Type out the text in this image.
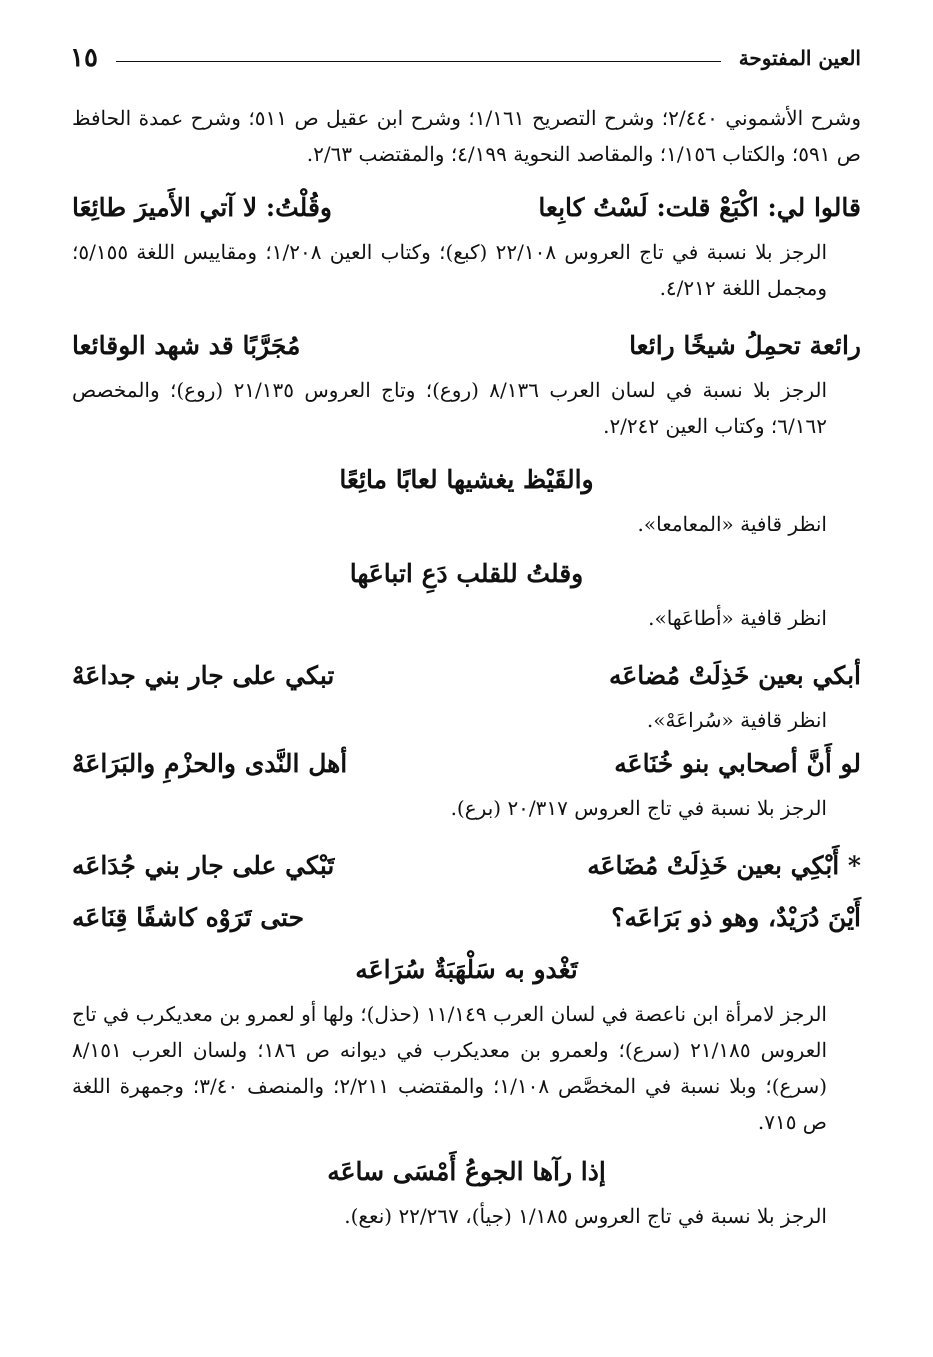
العين المفتوحة
١٥

وشرح الأشموني ٢/٤٤٠؛ وشرح التصريح ١/١٦١؛ وشرح ابن عقيل ص ٥١١؛ وشرح عمدة الحافظ ص ٥٩١؛ والكتاب ١/١٥٦؛ والمقاصد النحوية ٤/١٩٩؛ والمقتضب ٢/٦٣.

قالوا لي: اكْبَعْ قلت: لَسْتُ كابِعا
وقُلْتُ: لا آتي الأَميرَ طائِعَا

الرجز بلا نسبة في تاج العروس ٢٢/١٠٨ (كبع)؛ وكتاب العين ١/٢٠٨؛ ومقاييس اللغة ٥/١٥٥؛ ومجمل اللغة ٤/٢١٢.

رائعة تحمِلُ شيخًا رائعا
مُجَرَّبًا قد شهد الوقائعا

الرجز بلا نسبة في لسان العرب ٨/١٣٦ (روع)؛ وتاج العروس ٢١/١٣٥ (روع)؛ والمخصص ٦/١٦٢؛ وكتاب العين ٢/٢٤٢.

والقَيْظ يغشيها لعابًا مائِعًا

انظر قافية «المعامعا».

وقلتُ للقلب دَعِ اتباعَها

انظر قافية «أطاعَها».

أبكي بعين خَذِلَتْ مُضاعَه
تبكي على جار بني جداعَهْ

انظر قافية «سُراعَهْ».

لو أَنَّ أصحابي بنو خُنَاعَه
أهل النَّدى والحزْمِ والبَرَاعَهْ

الرجز بلا نسبة في تاج العروس ٢٠/٣١٧ (برع).

* أَبْكِي بعين خَذِلَتْ مُضَاعَه
تَبْكي على جار بني جُدَاعَه
أَيْنَ دُرَيْدٌ، وهو ذو بَرَاعَه؟
حتى تَرَوْه كاشفًا قِنَاعَه

تَغْدو به سَلْهَبَةٌ سُرَاعَه

الرجز لامرأة ابن ناعصة في لسان العرب ١١/١٤٩ (حذل)؛ ولها أو لعمرو بن معديكرب في تاج العروس ٢١/١٨٥ (سرع)؛ ولعمرو بن معديكرب في ديوانه ص ١٨٦؛ ولسان العرب ٨/١٥١ (سرع)؛ وبلا نسبة في المخصَّص ١/١٠٨؛ والمقتضب ٢/٢١١؛ والمنصف ٣/٤٠؛ وجمهرة اللغة ص ٧١٥.

إذا رآها الجوعُ أَمْسَى ساعَه

الرجز بلا نسبة في تاج العروس ١/١٨٥ (جيأ)، ٢٢/٢٦٧ (نعع).
